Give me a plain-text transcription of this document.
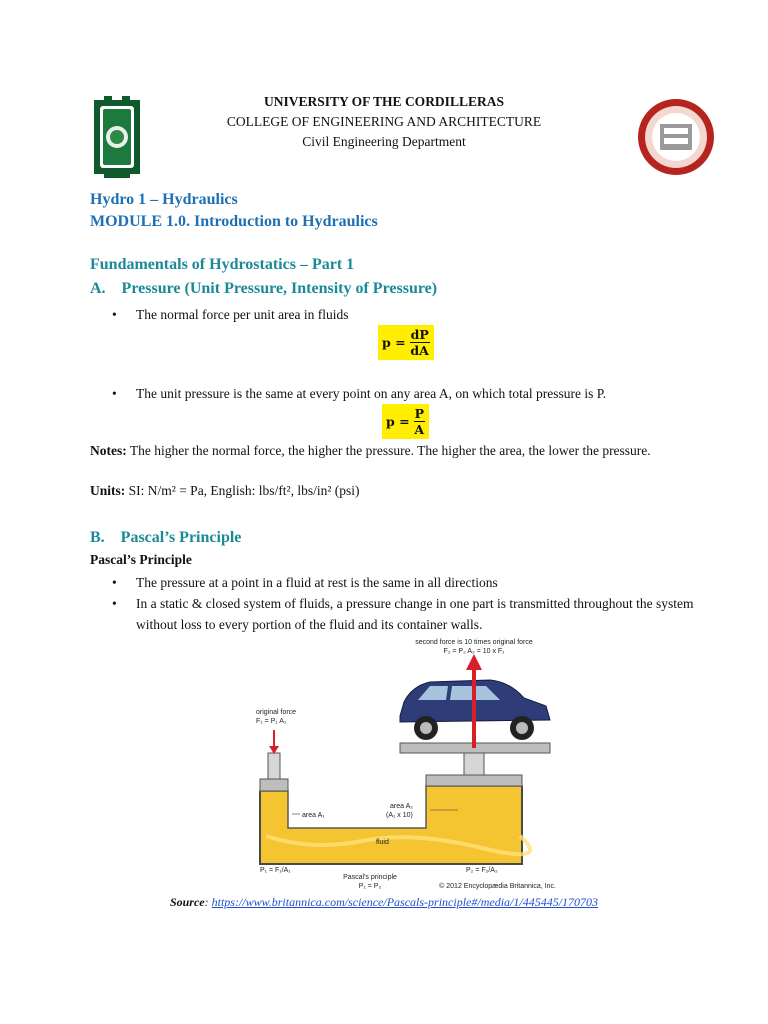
UNIVERSITY OF THE CORDILLERAS
COLLEGE OF ENGINEERING AND ARCHITECTURE
Civil Engineering Department
Hydro 1 – Hydraulics
MODULE 1.0. Introduction to Hydraulics
Fundamentals of Hydrostatics – Part 1
A. Pressure (Unit Pressure, Intensity of Pressure)
• The normal force per unit area in fluids
$p = \frac{dP}{dA}$
• The unit pressure is the same at every point on any area A, on which total pressure is P.
$p = \frac{P}{A}$
Notes: The higher the normal force, the higher the pressure. The higher the area, the lower the pressure.
Units: SI: N/m² = Pa, English: lbs/ft², lbs/in² (psi)
B. Pascal’s Principle
Pascal’s Principle
• The pressure at a point in a fluid at rest is the same in all directions
• In a static & closed system of fluids, a pressure change in one part is transmitted throughout the system without loss to every portion of the fluid and its container walls.
second force is 10 times original force
F₂ = P₂ A₂ = 10 x F₁
original force
F₁ = P₁ A₁
area A₁
area A₂
(A₁ x 10)
fluid
P₁ = F₁/A₁	P₂ = F₂/A₂
Pascal's principle
P₁ = P₂	© 2012 Encyclopædia Britannica, Inc.
Source: https://www.britannica.com/science/Pascals-principle#/media/1/445445/170703
